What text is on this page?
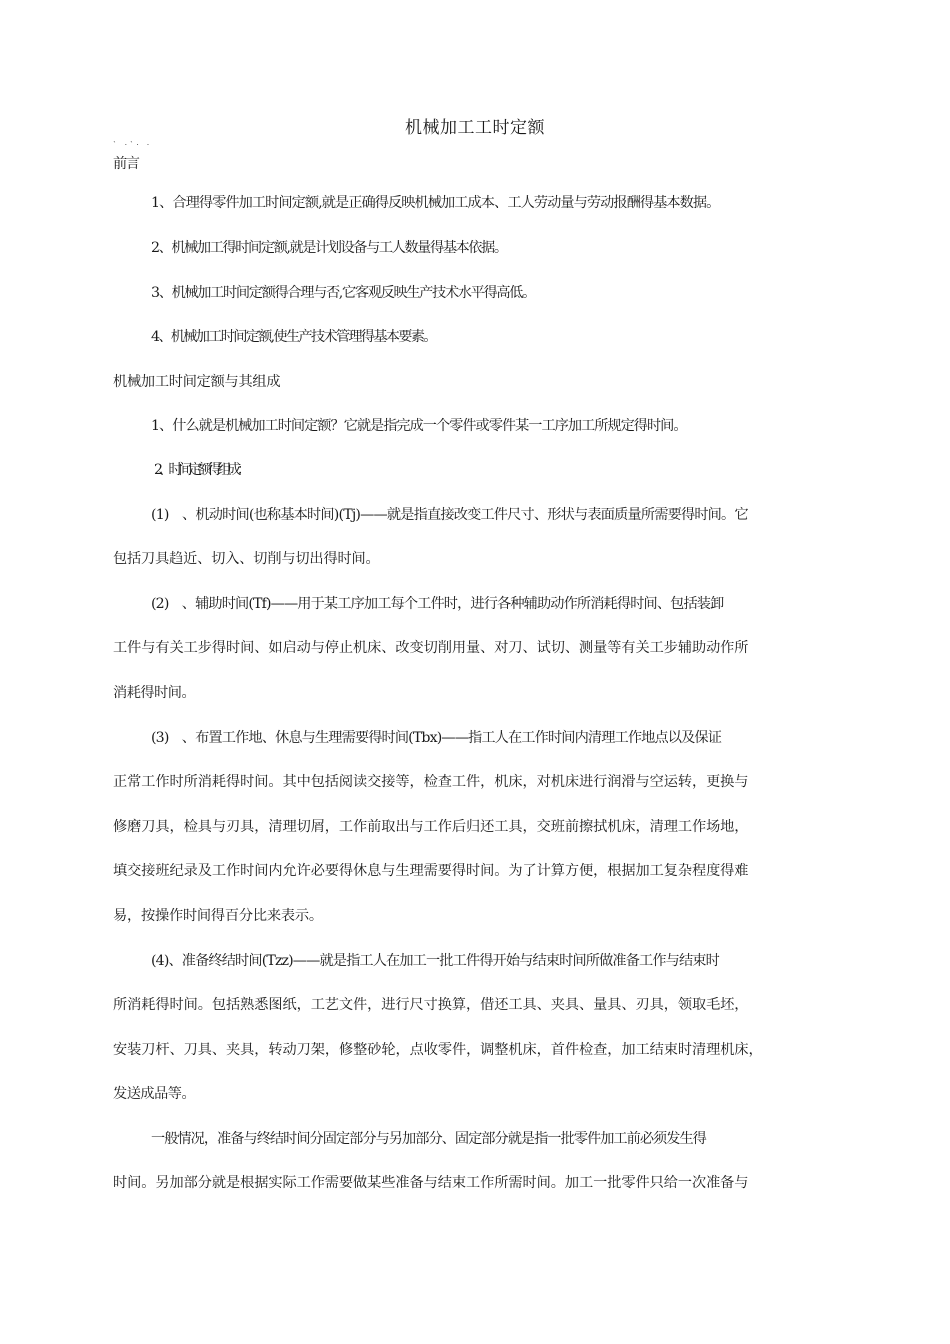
机械加工工时定额
` ·`· ·
前言
1、合理得零件加工时间定额,就是正确得反映机械加工成本、工人劳动量与劳动报酬得基本数据。
2、机械加工得时间定额,就是计划设备与工人数量得基本依据。
3、机械加工时间定额得合理与否,它客观反映生产技术水平得高低。
4、机械加工时间定额,使生产技术管理得基本要素。
机械加工时间定额与其组成
1、什么就是机械加工时间定额？它就是指完成一个零件或零件某一工序加工所规定得时间。
2、时间定额得组成：
(1)　、机动时间(也称基本时间)(Tj)——就是指直接改变工件尺寸、形状与表面质量所需要得时间。它
包括刀具趋近、切入、切削与切出得时间。
(2)　、辅助时间(Tf)——用于某工序加工每个工件时，进行各种辅助动作所消耗得时间、包括装卸
工件与有关工步得时间、如启动与停止机床、改变切削用量、对刀、试切、测量等有关工步辅助动作所
消耗得时间。
(3)　、布置工作地、休息与生理需要得时间(Tbx)——指工人在工作时间内清理工作地点以及保证
正常工作时所消耗得时间。其中包括阅读交接等，检查工件，机床，对机床进行润滑与空运转，更换与
修磨刀具，检具与刃具，清理切屑，工作前取出与工作后归还工具，交班前擦拭机床，清理工作场地，
填交接班纪录及工作时间内允许必要得休息与生理需要得时间。为了计算方便，根据加工复杂程度得难
易，按操作时间得百分比来表示。
(4)、准备终结时间(Tzz)——就是指工人在加工一批工件得开始与结束时间所做准备工作与结束时
所消耗得时间。包括熟悉图纸，工艺文件，进行尺寸换算，借还工具、夹具、量具、刃具，领取毛坯，
安装刀杆、刀具、夹具，转动刀架，修整砂轮，点收零件，调整机床，首件检查，加工结束时清理机床，
发送成品等。
一般情况，准备与终结时间分固定部分与另加部分、固定部分就是指一批零件加工前必须发生得
时间。另加部分就是根据实际工作需要做某些准备与结束工作所需时间。加工一批零件只给一次准备与
